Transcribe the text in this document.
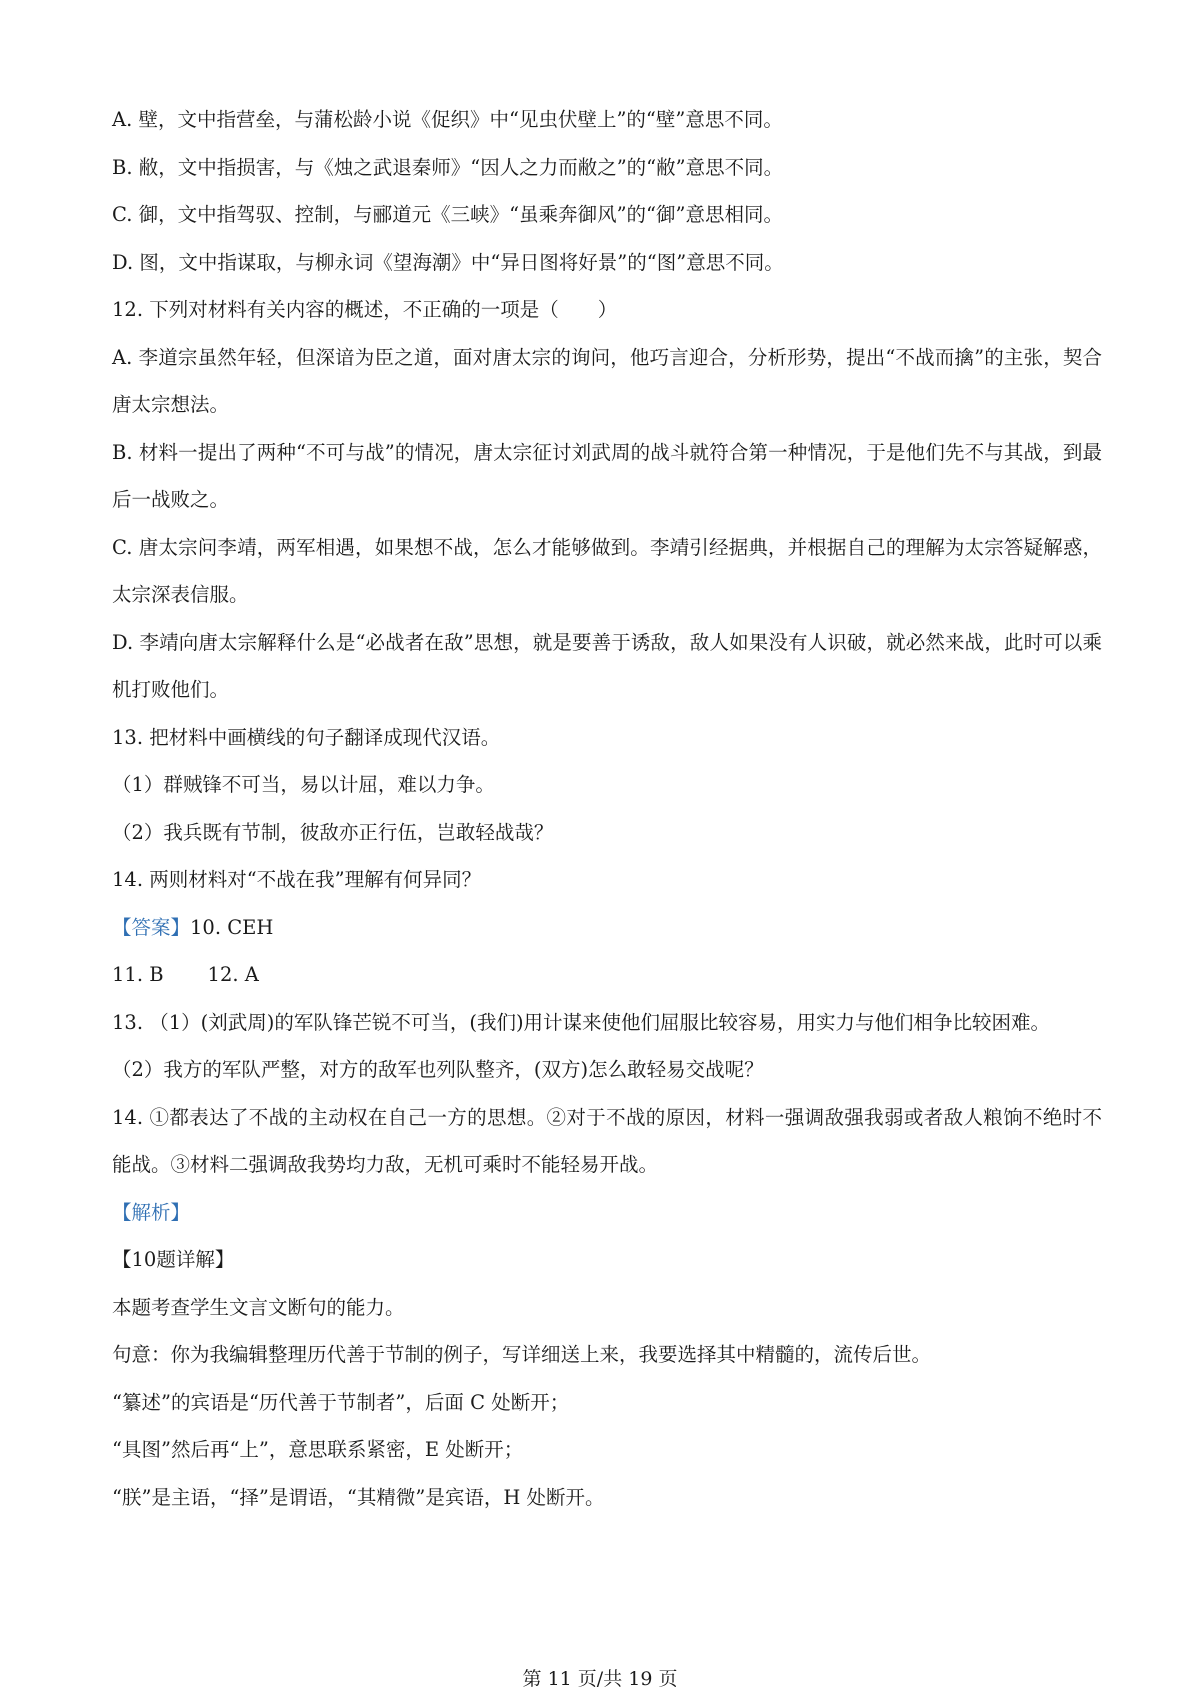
A. 壁，文中指营垒，与蒲松龄小说《促织》中“见虫伏壁上”的“壁”意思不同。
B. 敝，文中指损害，与《烛之武退秦师》“因人之力而敝之”的“敝”意思不同。
C. 御，文中指驾驭、控制，与郦道元《三峡》“虽乘奔御风”的“御”意思相同。
D. 图，文中指谋取，与柳永词《望海潮》中“异日图将好景”的“图”意思不同。
12. 下列对材料有关内容的概述，不正确的一项是（　　）
A. 李道宗虽然年轻，但深谙为臣之道，面对唐太宗的询问，他巧言迎合，分析形势，提出“不战而擒”的主张，契合唐太宗想法。
B. 材料一提出了两种“不可与战”的情况，唐太宗征讨刘武周的战斗就符合第一种情况，于是他们先不与其战，到最后一战败之。
C. 唐太宗问李靖，两军相遇，如果想不战，怎么才能够做到。李靖引经据典，并根据自己的理解为太宗答疑解惑，太宗深表信服。
D. 李靖向唐太宗解释什么是“必战者在敌”思想，就是要善于诱敌，敌人如果没有人识破，就必然来战，此时可以乘机打败他们。
13. 把材料中画横线的句子翻译成现代汉语。
（1）群贼锋不可当，易以计屈，难以力争。
（2）我兵既有节制，彼敌亦正行伍，岂敢轻战哉？
14. 两则材料对“不战在我”理解有何异同？
【答案】10. CEH
11. B 12. A
13. （1）(刘武周)的军队锋芒锐不可当，(我们)用计谋来使他们屈服比较容易，用实力与他们相争比较困难。
（2）我方的军队严整，对方的敌军也列队整齐，(双方)怎么敢轻易交战呢？
14. ①都表达了不战的主动权在自己一方的思想。②对于不战的原因，材料一强调敌强我弱或者敌人粮饷不绝时不能战。③材料二强调敌我势均力敌，无机可乘时不能轻易开战。
【解析】
【10题详解】
本题考查学生文言文断句的能力。
句意：你为我编辑整理历代善于节制的例子，写详细送上来，我要选择其中精髓的，流传后世。
“纂述”的宾语是“历代善于节制者”，后面 C 处断开；
“具图”然后再“上”，意思联系紧密，E 处断开；
“朕”是主语，“择”是谓语，“其精微”是宾语，H 处断开。
第 11 页/共 19 页
